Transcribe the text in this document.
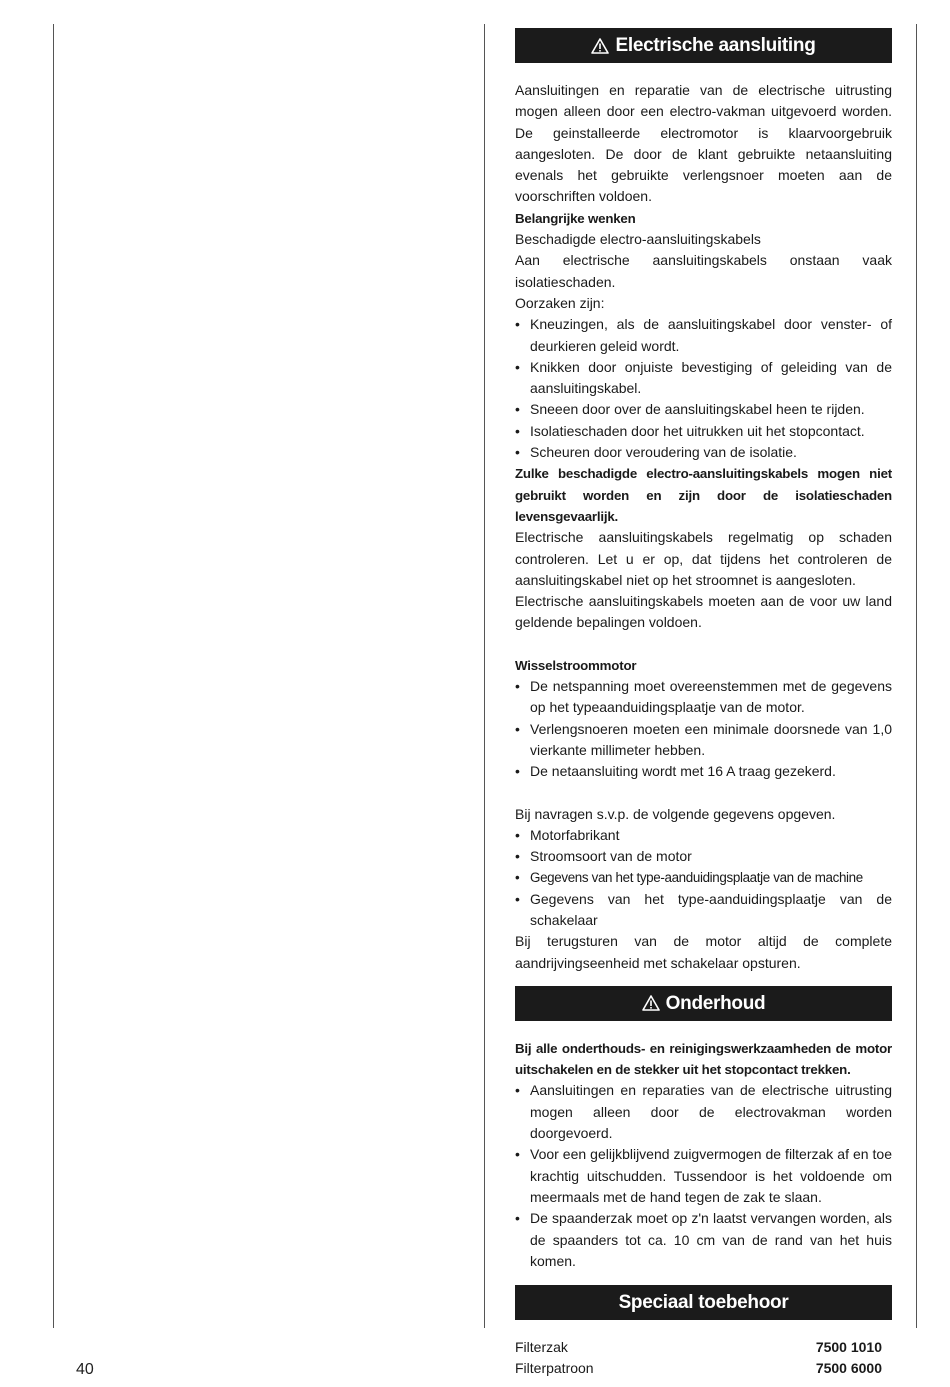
Electrische aansluiting

Aansluitingen en reparatie van de electrische uitrusting mogen alleen door een electro-vakman uitgevoerd worden. De geinstalleerde electromotor is klaarvoorgebruik aangesloten. De door de klant gebruikte netaansluiting evenals het gebruikte verlengsnoer moeten aan de voorschriften voldoen.

Belangrijke wenken

Beschadigde electro-aansluitingskabels

Aan electrische aansluitingskabels onstaan vaak isolatieschaden.

Oorzaken zijn:

• Kneuzingen, als de aansluitingskabel door venster- of deurkieren geleid wordt.
• Knikken door onjuiste bevestiging of geleiding van de aansluitingskabel.
• Sneeen door over de aansluitingskabel heen te rijden.
• Isolatieschaden door het uitrukken uit het stopcontact.
• Scheuren door veroudering van de isolatie.

Zulke beschadigde electro-aansluitingskabels mogen niet gebruikt worden en zijn door de isolatieschaden levensgevaarlijk.

Electrische aansluitingskabels regelmatig op schaden controleren. Let u er op, dat tijdens het controleren de aansluitingskabel niet op het stroomnet is aangesloten.

Electrische aansluitingskabels moeten aan de voor uw land geldende bepalingen voldoen.

Wisselstroommotor

• De netspanning moet overeenstemmen met de gegevens op het typeaanduidingsplaatje van de motor.
• Verlengsnoeren moeten een minimale doorsnede van 1,0 vierkante millimeter hebben.
• De netaansluiting wordt met 16 A traag gezekerd.

Bij navragen s.v.p. de volgende gegevens opgeven.

• Motorfabrikant
• Stroomsoort van de motor
• Gegevens van het type-aanduidingsplaatje van de machine
• Gegevens van het type-aanduidingsplaatje van de schakelaar

Bij terugsturen van de motor altijd de complete aandrijvingseenheid met schakelaar opsturen.

Onderhoud

Bij alle onderthouds- en reinigingswerkzaamheden de motor uitschakelen en de stekker uit het stopcontact trekken.

• Aansluitingen en reparaties van de electrische uitrusting mogen alleen door de electrovakman worden doorgevoerd.
• Voor een gelijkblijvend zuigvermogen de filterzak af en toe krachtig uitschudden. Tussendoor is het voldoende om meermaals met de hand tegen de zak te slaan.
• De spaanderzak moet op z'n laatst vervangen worden, als de spaanders tot ca. 10 cm van de rand van het huis komen.
Speciaal toebehoor
Filterzak	7500 1010
Filterpatroon	7500 6000
40
